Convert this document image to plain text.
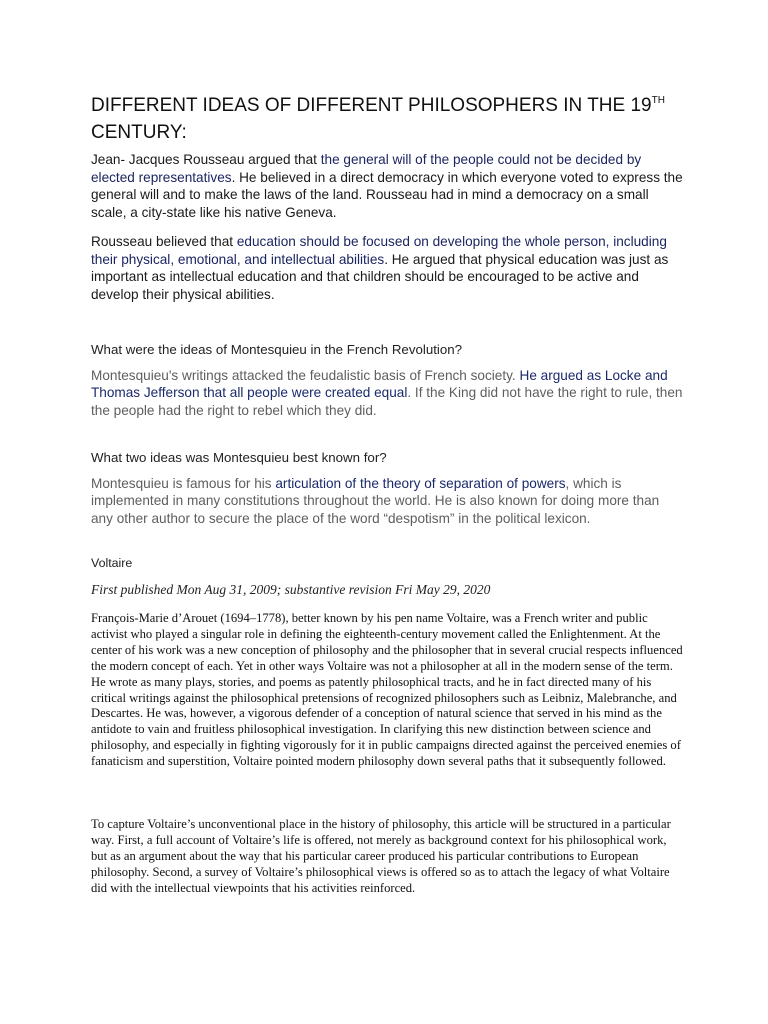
DIFFERENT IDEAS OF DIFFERENT PHILOSOPHERS IN THE 19TH
CENTURY:

Jean- Jacques Rousseau argued that the general will of the people could not be decided by elected representatives. He believed in a direct democracy in which everyone voted to express the general will and to make the laws of the land. Rousseau had in mind a democracy on a small scale, a city-state like his native Geneva.

Rousseau believed that education should be focused on developing the whole person, including their physical, emotional, and intellectual abilities. He argued that physical education was just as important as intellectual education and that children should be encouraged to be active and develop their physical abilities.

What were the ideas of Montesquieu in the French Revolution?

Montesquieu's writings attacked the feudalistic basis of French society. He argued as Locke and Thomas Jefferson that all people were created equal. If the King did not have the right to rule, then the people had the right to rebel which they did.

What two ideas was Montesquieu best known for?

Montesquieu is famous for his articulation of the theory of separation of powers, which is implemented in many constitutions throughout the world. He is also known for doing more than any other author to secure the place of the word “despotism” in the political lexicon.

Voltaire

First published Mon Aug 31, 2009; substantive revision Fri May 29, 2020

François-Marie d’Arouet (1694–1778), better known by his pen name Voltaire, was a French writer and public activist who played a singular role in defining the eighteenth-century movement called the Enlightenment. At the center of his work was a new conception of philosophy and the philosopher that in several crucial respects influenced the modern concept of each. Yet in other ways Voltaire was not a philosopher at all in the modern sense of the term. He wrote as many plays, stories, and poems as patently philosophical tracts, and he in fact directed many of his critical writings against the philosophical pretensions of recognized philosophers such as Leibniz, Malebranche, and Descartes. He was, however, a vigorous defender of a conception of natural science that served in his mind as the antidote to vain and fruitless philosophical investigation. In clarifying this new distinction between science and philosophy, and especially in fighting vigorously for it in public campaigns directed against the perceived enemies of fanaticism and superstition, Voltaire pointed modern philosophy down several paths that it subsequently followed.

To capture Voltaire’s unconventional place in the history of philosophy, this article will be structured in a particular way. First, a full account of Voltaire’s life is offered, not merely as background context for his philosophical work, but as an argument about the way that his particular career produced his particular contributions to European philosophy. Second, a survey of Voltaire’s philosophical views is offered so as to attach the legacy of what Voltaire did with the intellectual viewpoints that his activities reinforced.
